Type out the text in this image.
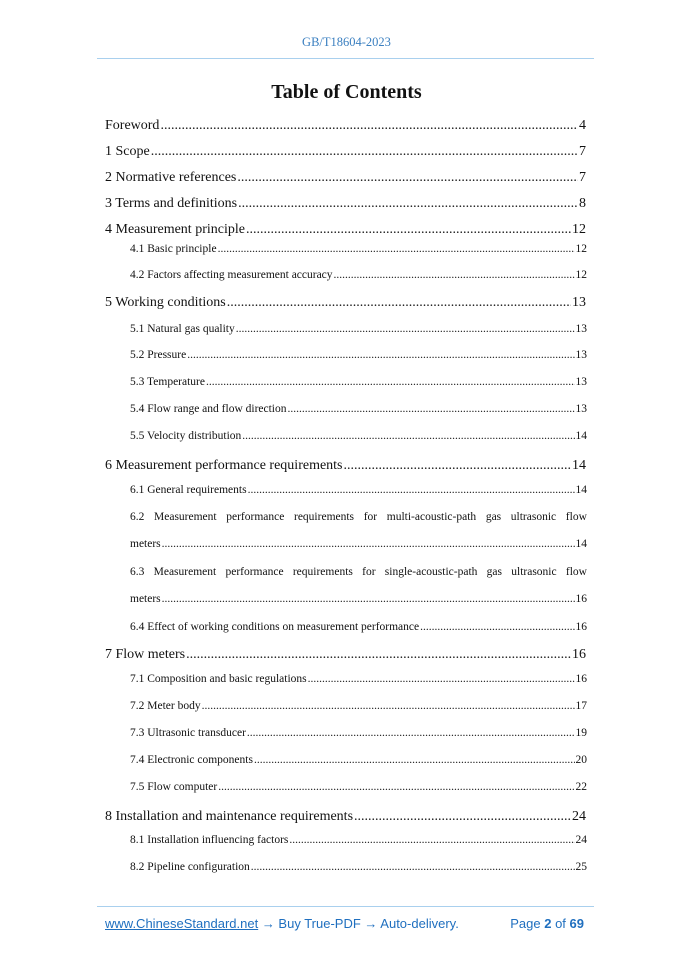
GB/T18604-2023
Table of Contents
Foreword .....	4
1 Scope .....	7
2 Normative references .....	7
3 Terms and definitions .....	8
4 Measurement principle .....	12
4.1 Basic principle .....	12
4.2 Factors affecting measurement accuracy .....	12
5 Working conditions .....	13
5.1 Natural gas quality .....	13
5.2 Pressure .....	13
5.3 Temperature .....	13
5.4 Flow range and flow direction .....	13
5.5 Velocity distribution .....	14
6 Measurement performance requirements .....	14
6.1 General requirements .....	14
6.2 Measurement performance requirements for multi-acoustic-path gas ultrasonic flow
meters .....	14
6.3 Measurement performance requirements for single-acoustic-path gas ultrasonic flow
meters .....	16
6.4 Effect of working conditions on measurement performance .....	16
7 Flow meters .....	16
7.1 Composition and basic regulations .....	16
7.2 Meter body .....	17
7.3 Ultrasonic transducer .....	19
7.4 Electronic components .....	20
7.5 Flow computer .....	22
8 Installation and maintenance requirements .....	24
8.1 Installation influencing factors .....	24
8.2 Pipeline configuration .....	25
www.ChineseStandard.net → Buy True-PDF → Auto-delivery.	Page 2 of 69
